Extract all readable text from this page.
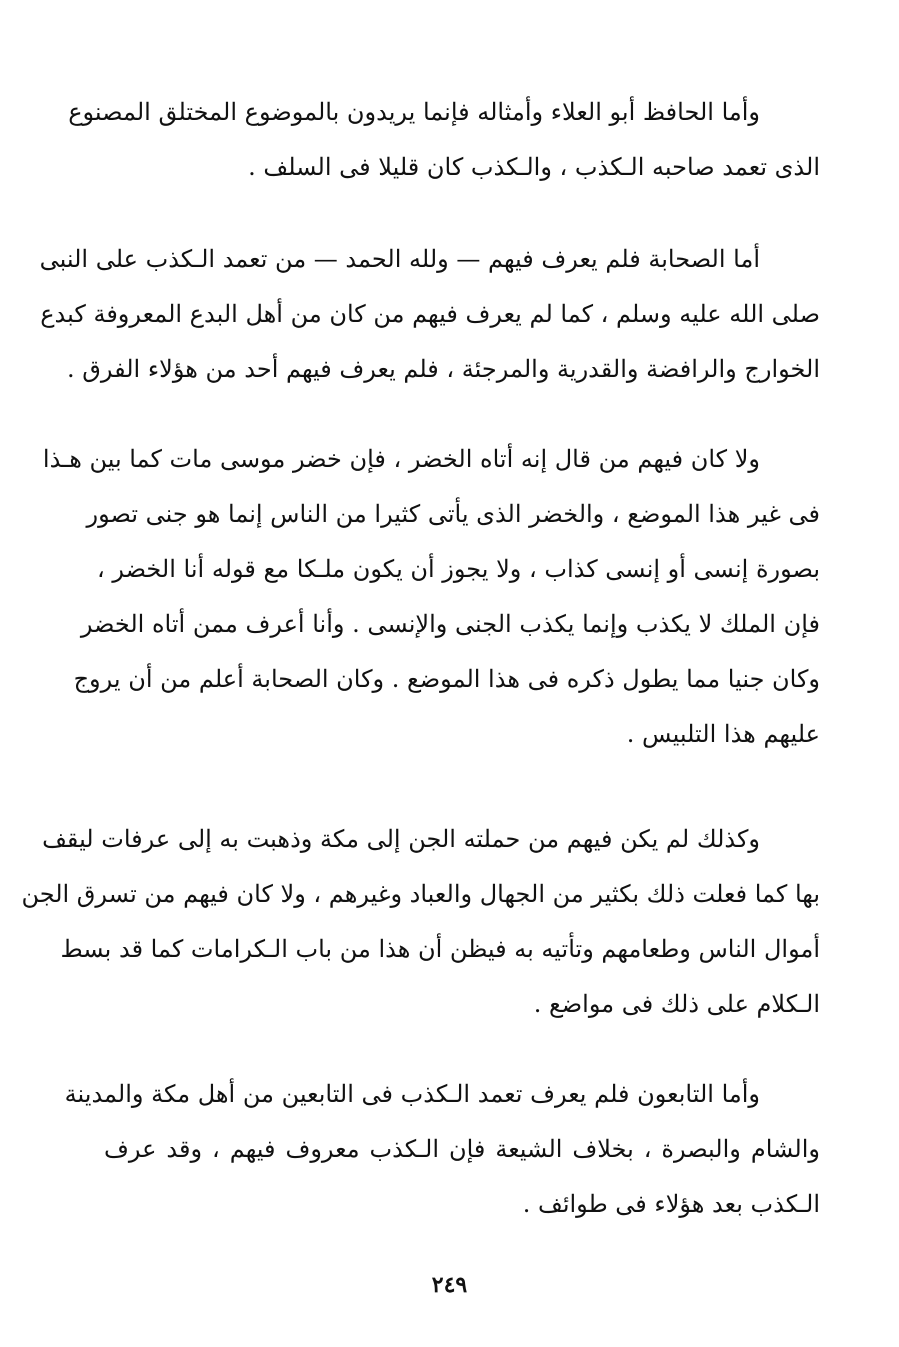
وأما الحافظ أبو العلاء وأمثاله فإنما يريدون بالموضوع المختلق المصنوع
الذى تعمد صاحبه الـكذب ، والـكذب كان قليلا فى السلف .
أما الصحابة فلم يعرف فيهم — ولله الحمد — من تعمد الـكذب على النبى
صلى الله عليه وسلم ، كما لم يعرف فيهم من كان من أهل البدع المعروفة كبدع
الخوارج والرافضة والقدرية والمرجئة ، فلم يعرف فيهم أحد من هؤلاء الفرق .
ولا كان فيهم من قال إنه أتاه الخضر ، فإن خضر موسى مات كما بين هـذا
فى غير هذا الموضع ، والخضر الذى يأتى كثيرا من الناس إنما هو جنى تصور
بصورة إنسى أو إنسى كذاب ، ولا يجوز أن يكون ملـكا مع قوله أنا الخضر ،
فإن الملك لا يكذب وإنما يكذب الجنى والإنسى . وأنا أعرف ممن أتاه الخضر
وكان جنيا مما يطول ذكره فى هذا الموضع . وكان الصحابة أعلم من أن يروج
عليهم هذا التلبيس .
وكذلك لم يكن فيهم من حملته الجن إلى مكة وذهبت به إلى عرفات ليقف
بها كما فعلت ذلك بكثير من الجهال والعباد وغيرهم ، ولا كان فيهم من تسرق الجن
أموال الناس وطعامهم وتأتيه به فيظن أن هذا من باب الـكرامات كما قد بسط
الـكلام على ذلك فى مواضع .
وأما التابعون فلم يعرف تعمد الـكذب فى التابعين من أهل مكة والمدينة
والشام والبصرة ، بخلاف الشيعة فإن الـكذب معروف فيهم ، وقد عرف
الـكذب بعد هؤلاء فى طوائف .
٢٤٩
